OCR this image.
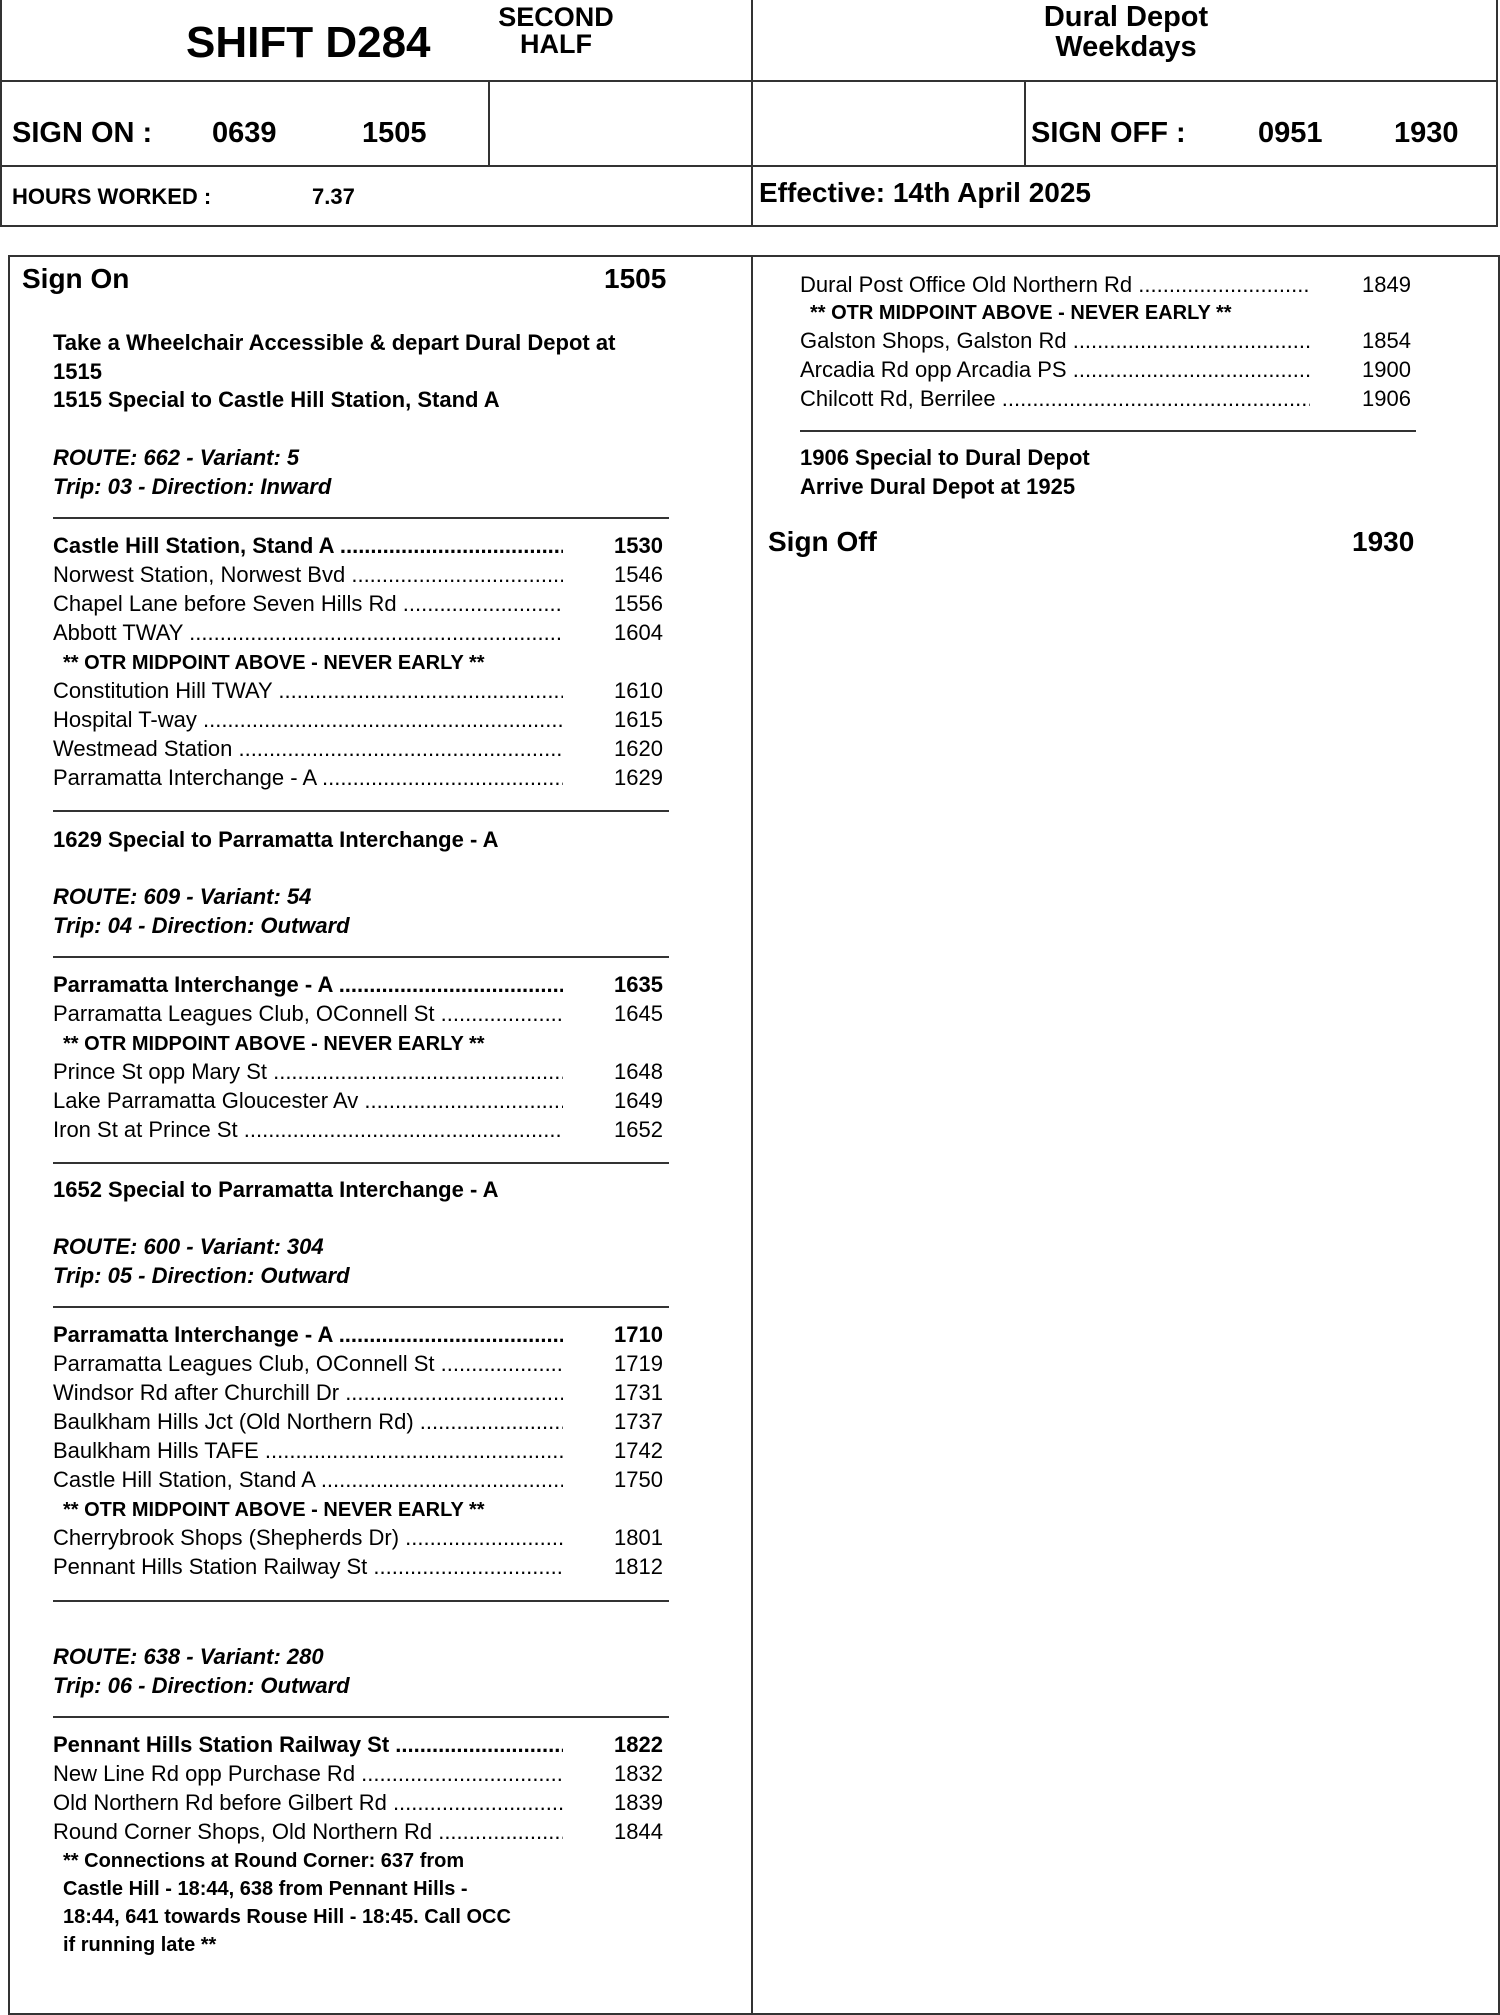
SHIFT D284
SECOND
HALF
Dural Depot
Weekdays
SIGN ON : 0639	1505	SIGN OFF : 0951 1930
HOURS WORKED :	7.37	Effective: 14th April 2025
Sign On	1505
Take a Wheelchair Accessible & depart Dural Depot at
1515
1515 Special to Castle Hill Station, Stand A
ROUTE: 662 - Variant: 5
Trip: 03 - Direction: Inward
Castle Hill Station, Stand A .....	1530
Norwest Station, Norwest Bvd .....	1546
Chapel Lane before Seven Hills Rd .....	1556
Abbott TWAY .....	1604
** OTR MIDPOINT ABOVE - NEVER EARLY **
Constitution Hill TWAY .....	1610
Hospital T-way .....	1615
Westmead Station .....	1620
Parramatta Interchange - A .....	1629
1629 Special to Parramatta Interchange - A
ROUTE: 609 - Variant: 54
Trip: 04 - Direction: Outward
Parramatta Interchange - A .....	1635
Parramatta Leagues Club, OConnell St .....	1645
** OTR MIDPOINT ABOVE - NEVER EARLY **
Prince St opp Mary St .....	1648
Lake Parramatta Gloucester Av .....	1649
Iron St at Prince St .....	1652
1652 Special to Parramatta Interchange - A
ROUTE: 600 - Variant: 304
Trip: 05 - Direction: Outward
Parramatta Interchange - A .....	1710
Parramatta Leagues Club, OConnell St .....	1719
Windsor Rd after Churchill Dr .....	1731
Baulkham Hills Jct (Old Northern Rd) .....	1737
Baulkham Hills TAFE .....	1742
Castle Hill Station, Stand A .....	1750
** OTR MIDPOINT ABOVE - NEVER EARLY **
Cherrybrook Shops (Shepherds Dr) .....	1801
Pennant Hills Station Railway St .....	1812
ROUTE: 638 - Variant: 280
Trip: 06 - Direction: Outward
Pennant Hills Station Railway St .....	1822
New Line Rd opp Purchase Rd .....	1832
Old Northern Rd before Gilbert Rd .....	1839
Round Corner Shops, Old Northern Rd .....	1844
** Connections at Round Corner: 637 from
Castle Hill - 18:44, 638 from Pennant Hills -
18:44, 641 towards Rouse Hill - 18:45. Call OCC
if running late **
Dural Post Office Old Northern Rd .....	1849
** OTR MIDPOINT ABOVE - NEVER EARLY **
Galston Shops, Galston Rd .....	1854
Arcadia Rd opp Arcadia PS .....	1900
Chilcott Rd, Berrilee .....	1906
1906 Special to Dural Depot
Arrive Dural Depot at 1925
Sign Off	1930
